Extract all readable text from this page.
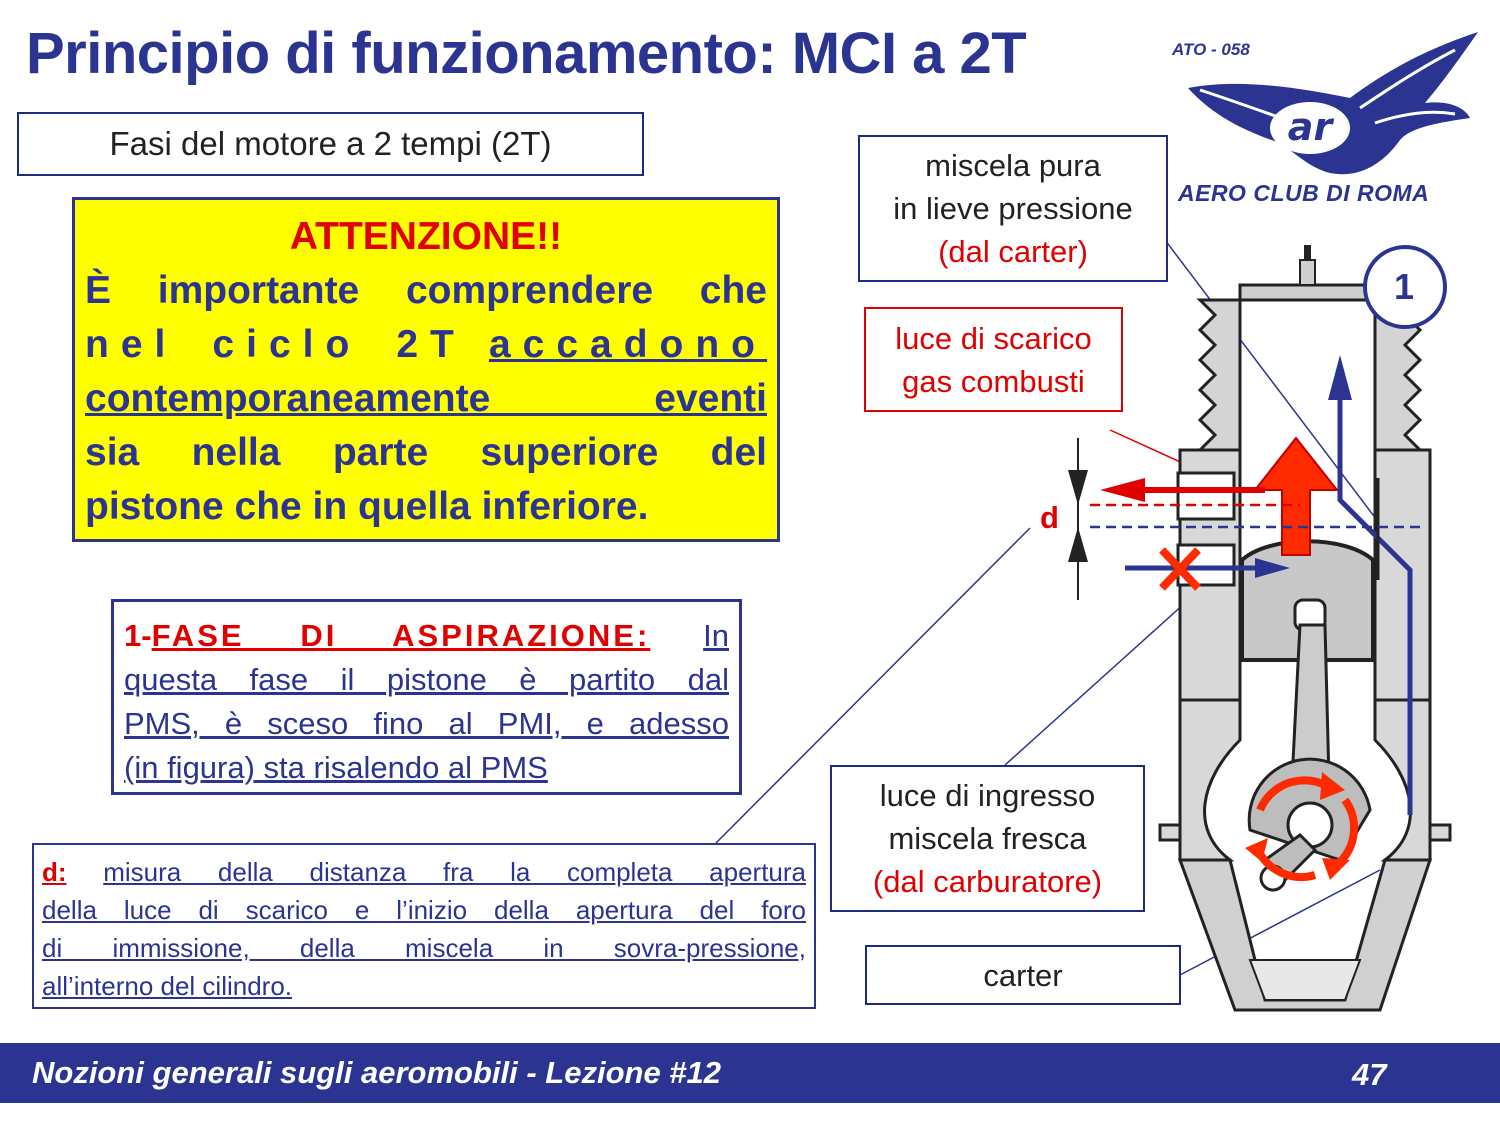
Principio di funzionamento: MCI a 2T
Fasi del motore a 2 tempi (2T)
ATO - 058
ar
AERO CLUB DI ROMA
ATTENZIONE!!
È importante comprendere che
nel ciclo 2T accadono
contemporaneamente eventi
sia nella parte superiore del
pistone che in quella inferiore.
1-FASE DI ASPIRAZIONE: In
questa fase il pistone è partito dal
PMS, è sceso fino al PMI, e adesso
(in figura) sta risalendo al PMS
d: misura della distanza fra la completa apertura
della luce di scarico e l’inizio della apertura del foro
di immissione, della miscela in sovra-pressione,
all’interno del cilindro.
1
d
miscela pura
in lieve pressione
(dal carter)
luce di scarico
gas combusti
luce di ingresso
miscela fresca
(dal carburatore)
carter
Nozioni generali sugli aeromobili - Lezione #12	47
